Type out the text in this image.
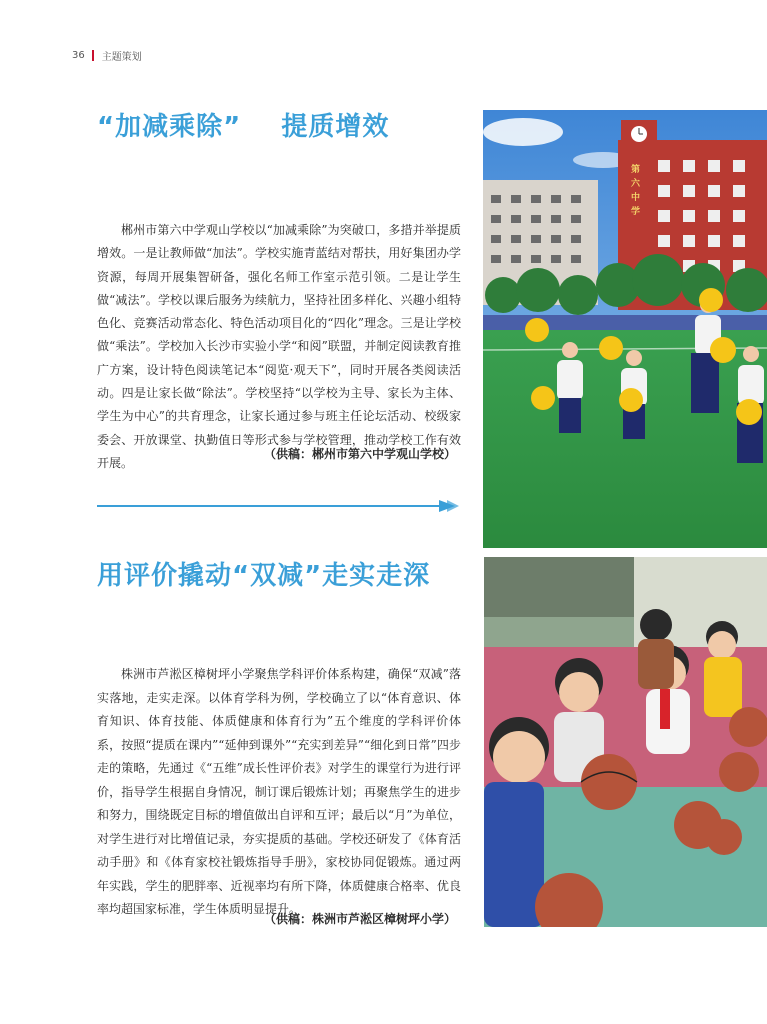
36 主题策划
“加减乘除”    提质增效

郴州市第六中学观山学校以“加减乘除”为突破口，多措并举提质增效。一是让教师做“加法”。学校实施青蓝结对帮扶，用好集团办学资源，每周开展集智研备，强化名师工作室示范引领。二是让学生做“减法”。学校以课后服务为续航力，坚持社团多样化、兴趣小组特色化、竞赛活动常态化、特色活动项目化的“四化”理念。三是让学校做“乘法”。学校加入长沙市实验小学“和阅”联盟，并制定阅读教育推广方案，设计特色阅读笔记本“阅览·观天下”，同时开展各类阅读活动。四是让家长做“除法”。学校坚持“以学校为主导、家长为主体、学生为中心”的共育理念，让家长通过参与班主任论坛活动、校级家委会、开放课堂、执勤值日等形式参与学校管理，推动学校工作有效开展。

（供稿：郴州市第六中学观山学校）
用评价撬动“双减”走实走深

株洲市芦淞区樟树坪小学聚焦学科评价体系构建，确保“双减”落实落地，走实走深。以体育学科为例，学校确立了以“体育意识、体育知识、体育技能、体质健康和体育行为”五个维度的学科评价体系，按照“提质在课内”“延伸到课外”“充实到差异”“细化到日常”四步走的策略，先通过《“五维”成长性评价表》对学生的课堂行为进行评价，指导学生根据自身情况，制订课后锻炼计划；再聚焦学生的进步和努力，围绕既定目标的增值做出自评和互评；最后以“月”为单位，对学生进行对比增值记录，夯实提质的基础。学校还研发了《体育活动手册》和《体育家校社锻炼指导手册》，家校协同促锻炼。通过两年实践，学生的肥胖率、近视率均有所下降，体质健康合格率、优良率均超国家标准，学生体质明显提升。

（供稿：株洲市芦淞区樟树坪小学）
第
六
中
学
